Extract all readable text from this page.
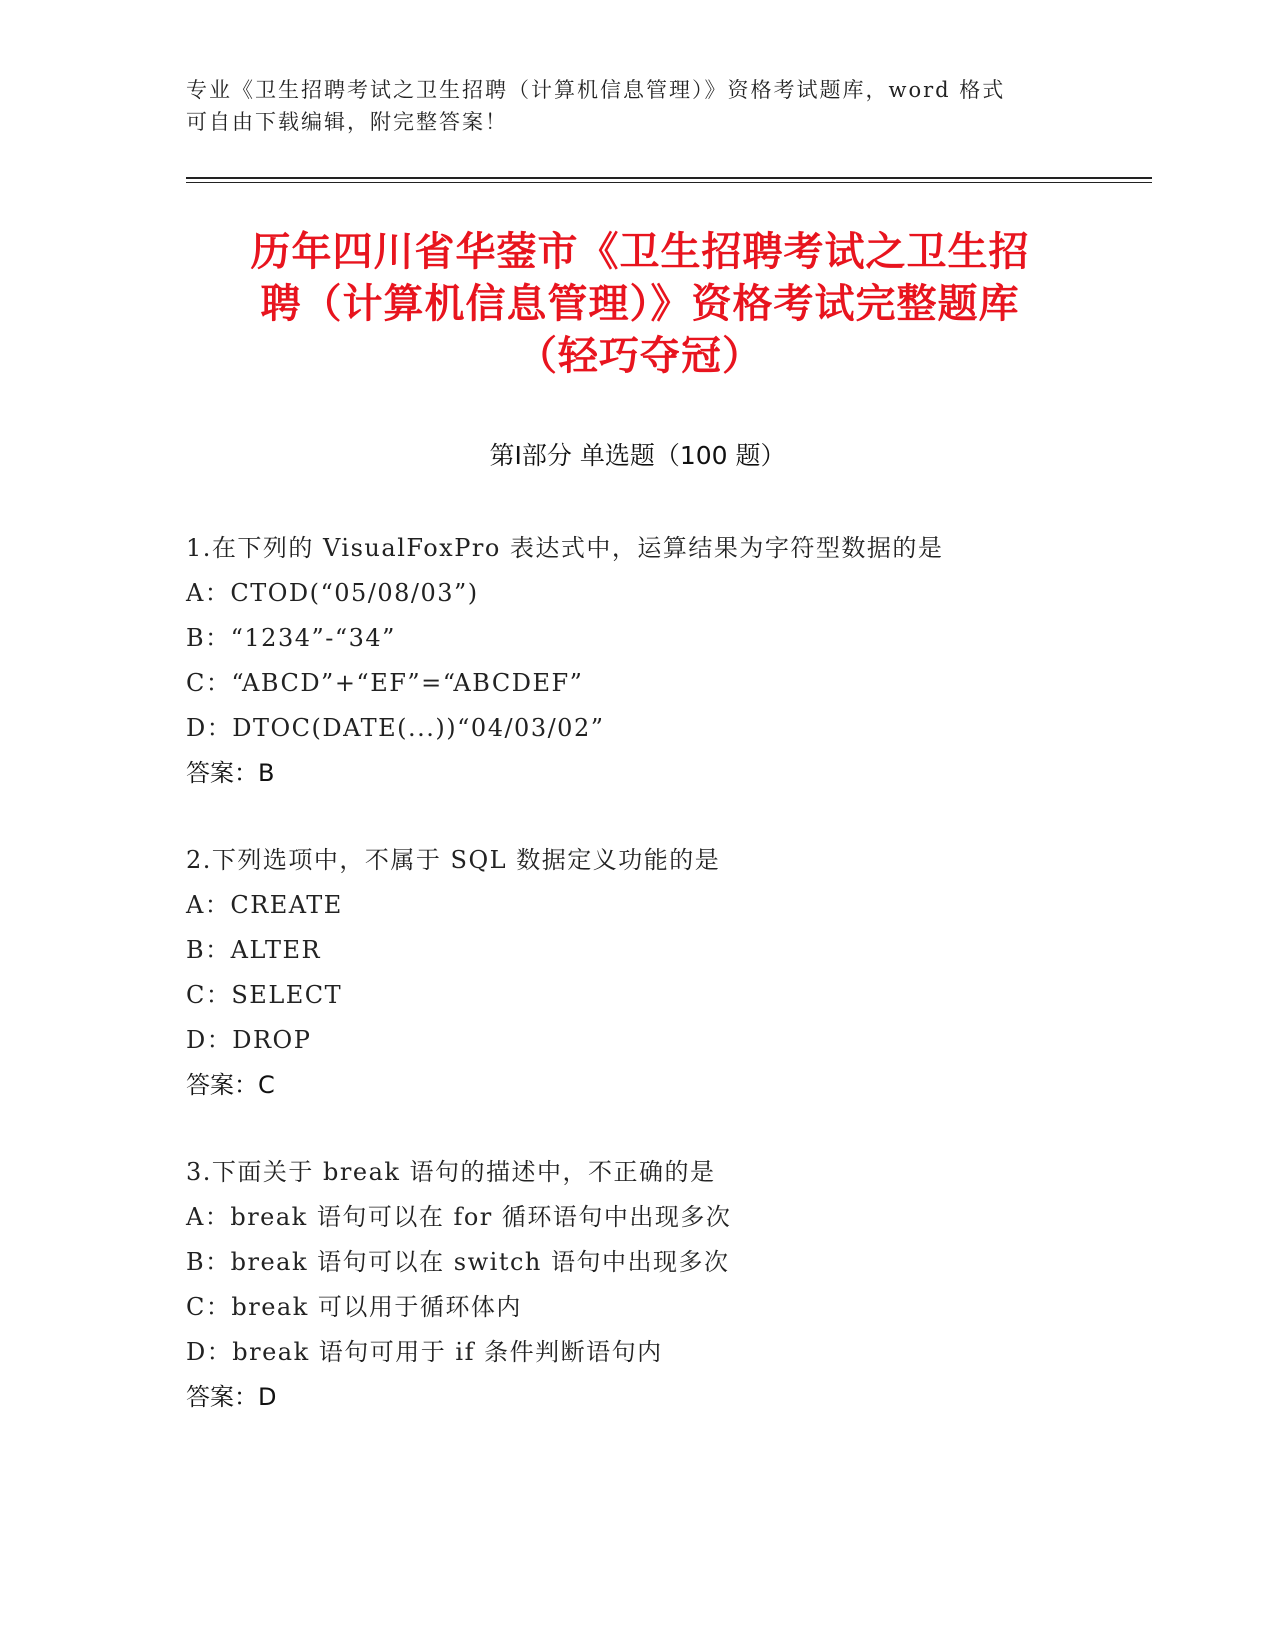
专业《卫生招聘考试之卫生招聘（计算机信息管理）》资格考试题库，word 格式
可自由下载编辑，附完整答案！
历年四川省华蓥市《卫生招聘考试之卫生招
聘（计算机信息管理）》资格考试完整题库
（轻巧夺冠）
第Ⅰ部分 单选题（100 题）
1.在下列的 VisualFoxPro 表达式中，运算结果为字符型数据的是
A：CTOD(“05/08/03”)
B：“1234”-“34”
C：“ABCD”+“EF”=“ABCDEF”
D：DTOC(DATE(...))“04/03/02”
答案：B
2.下列选项中，不属于 SQL 数据定义功能的是
A：CREATE
B：ALTER
C：SELECT
D：DROP
答案：C
3.下面关于 break 语句的描述中，不正确的是
A：break 语句可以在 for 循环语句中出现多次
B：break 语句可以在 switch 语句中出现多次
C：break 可以用于循环体内
D：break 语句可用于 if 条件判断语句内
答案：D
